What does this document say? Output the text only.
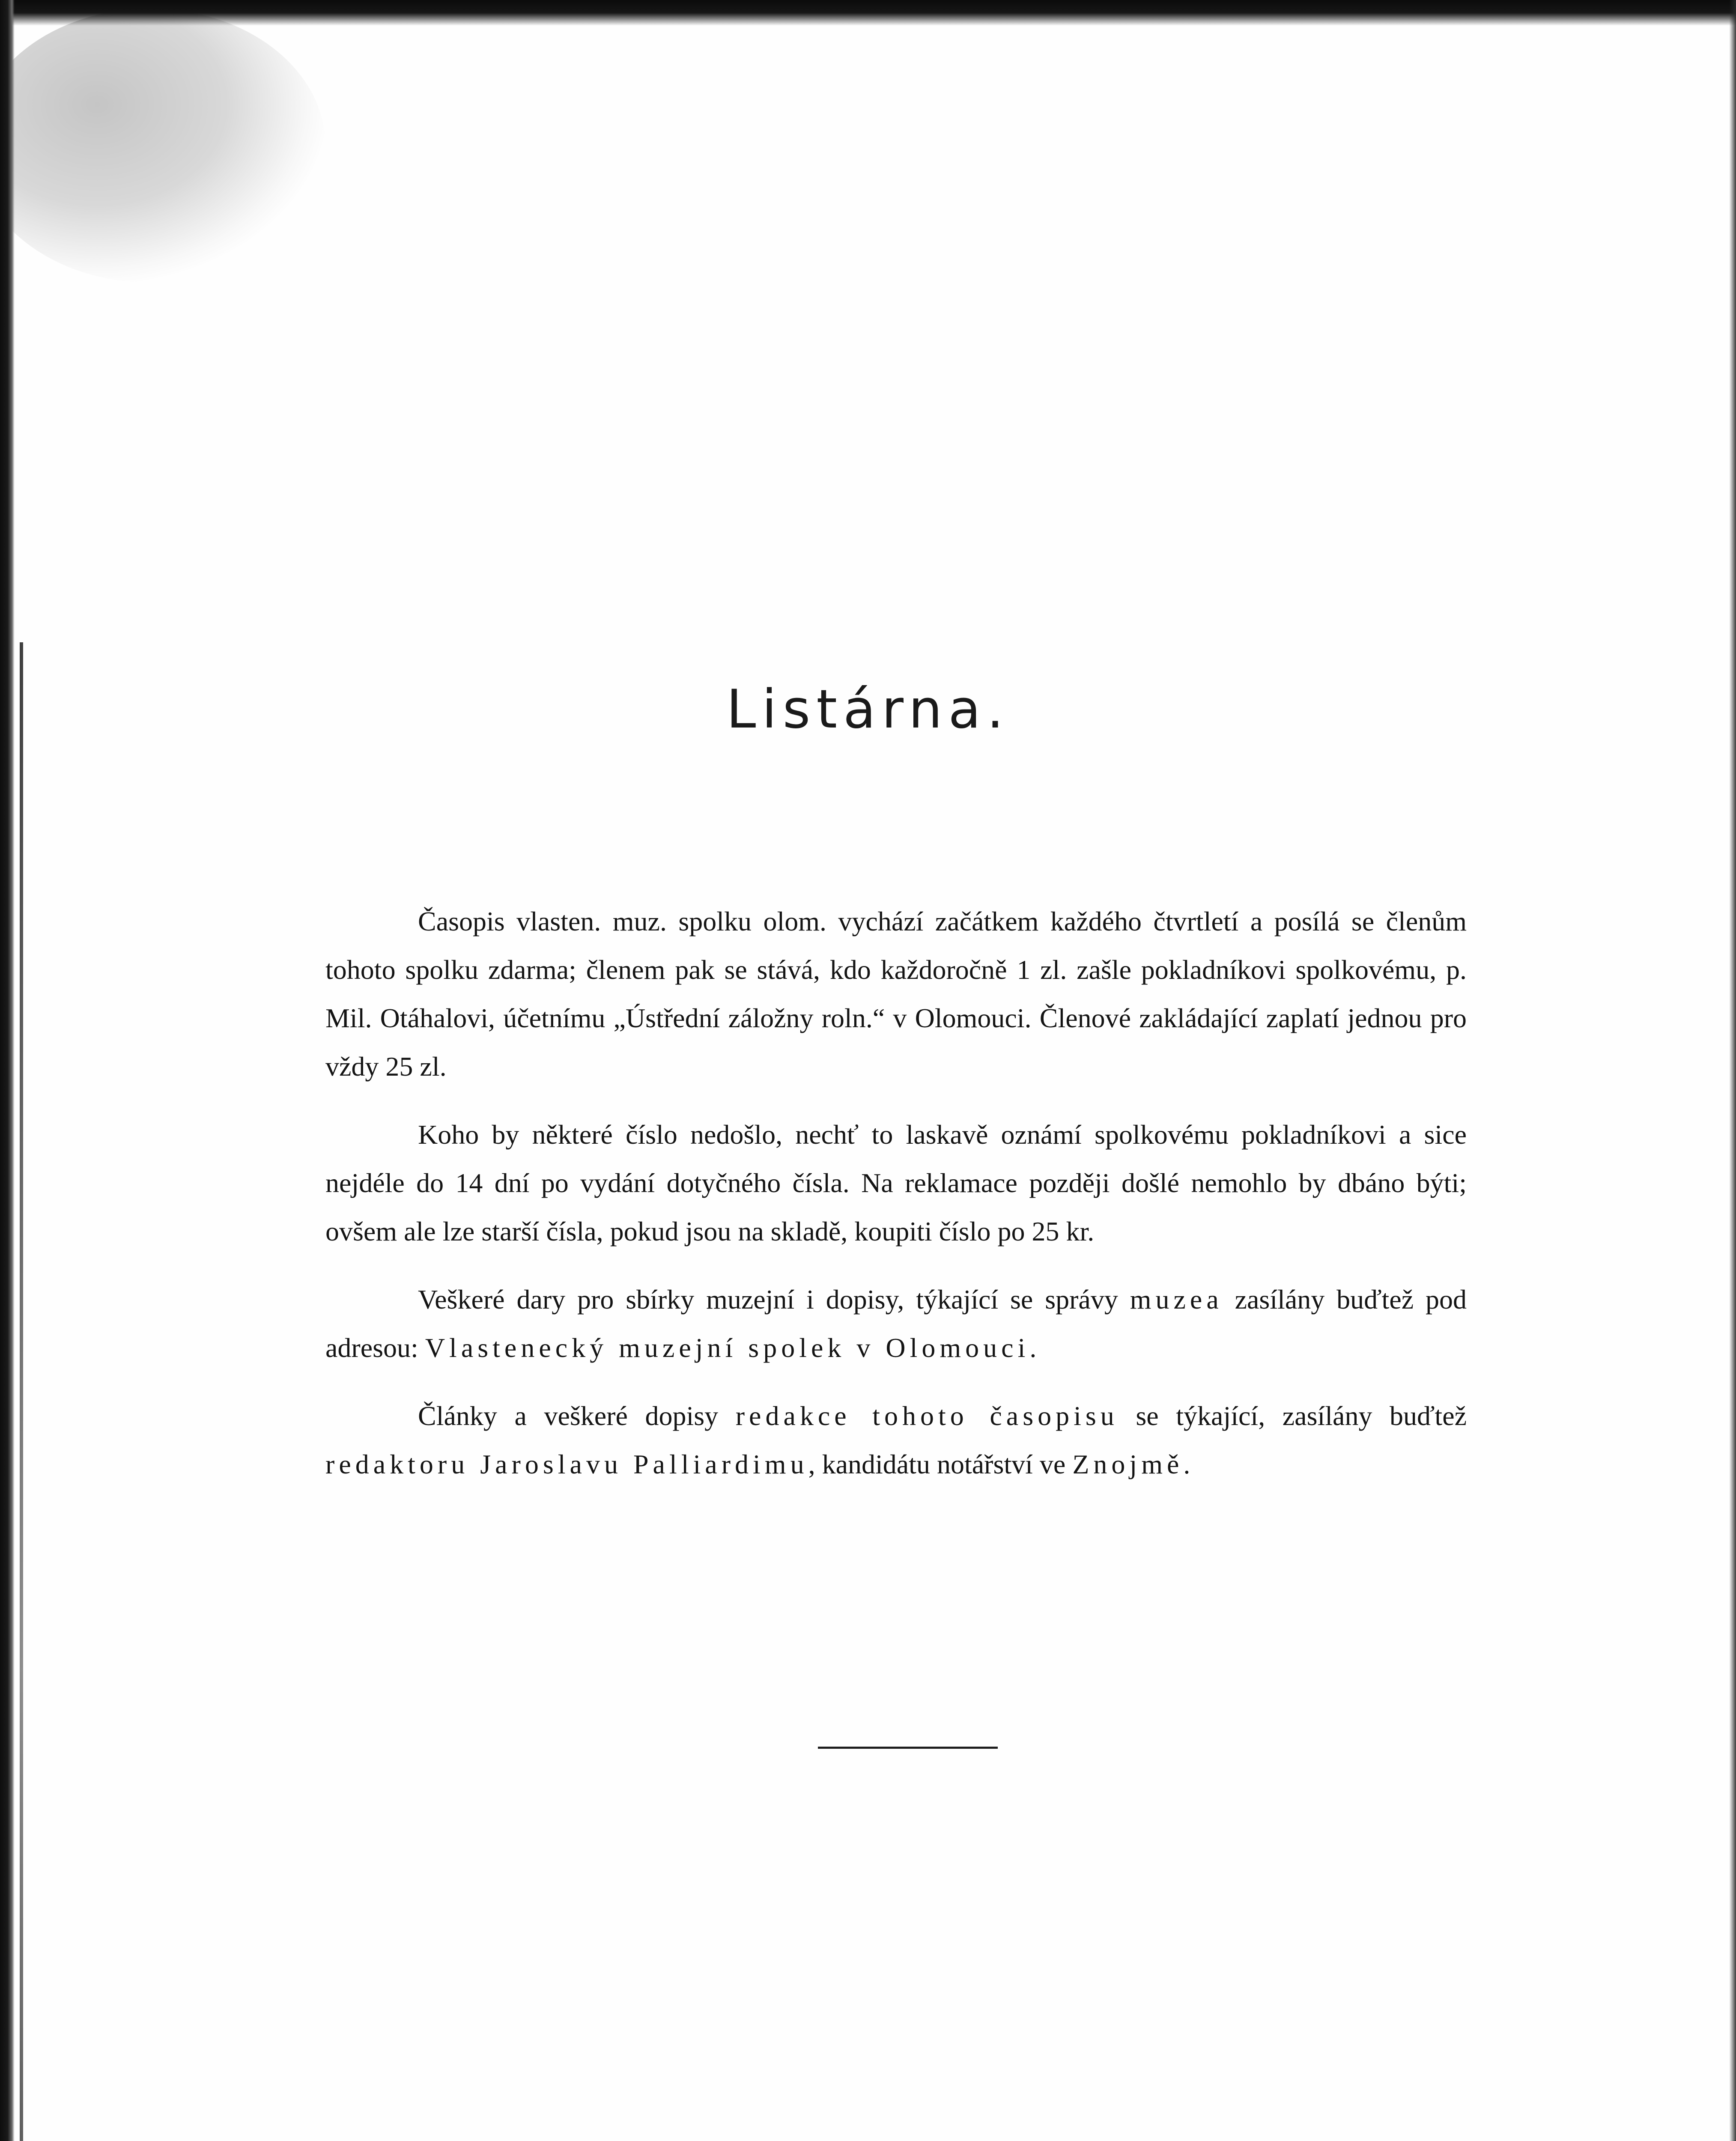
Listárna.

Časopis vlasten. muz. spolku olom. vychází začátkem každého čtvrtletí a posílá se členům tohoto spolku zdarma; členem pak se stává, kdo každoročně 1 zl. zašle pokladníkovi spolkovému, p. Mil. Otáhalovi, účetnímu „Ústřední záložny roln.“ v Olomouci. Členové zakládající zaplatí jednou pro vždy 25 zl.

Koho by některé číslo nedošlo, nechť to laskavě oznámí spolkovému pokladníkovi a sice nejdéle do 14 dní po vydání dotyčného čísla. Na reklamace později došlé nemohlo by dbáno býti; ovšem ale lze starší čísla, pokud jsou na skladě, koupiti číslo po 25 kr.

Veškeré dary pro sbírky muzejní i dopisy, týkající se správy muzea zasílány buďtež pod adresou: Vlastenecký muzejní spolek v Olomouci.

Články a veškeré dopisy redakce tohoto časopisu se týkající, zasílány buďtež redaktoru Jaroslavu Palliardimu, kandidátu notářství ve Znojmě.
